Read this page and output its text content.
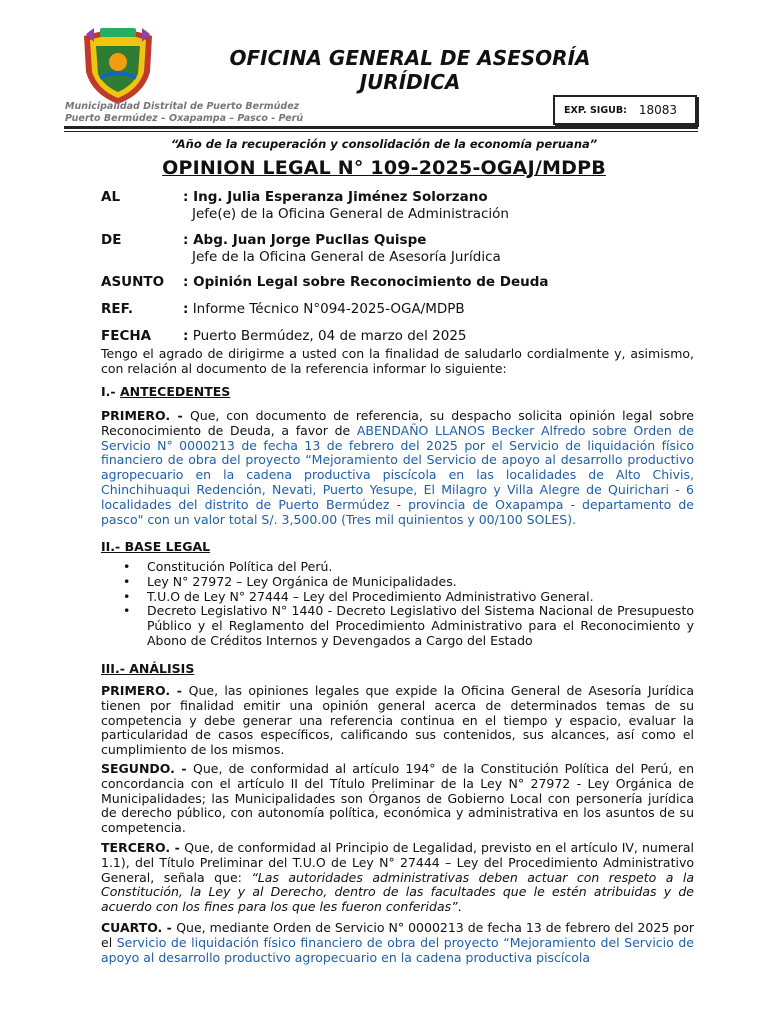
OFICINA GENERAL DE ASESORÍA
JURÍDICA
Municipalidad Distrital de Puerto Bermúdez
Puerto Bermúdez – Oxapampa – Pasco - Perú
EXP. SIGUB: 18083
“Año de la recuperación y consolidación de la economía peruana”
OPINION LEGAL N° 109-2025-OGAJ/MDPB
AL	: Ing. Julia Esperanza Jiménez Solorzano
Jefe(e) de la Oficina General de Administración
DE	: Abg. Juan Jorge Pucllas Quispe
Jefe de la Oficina General de Asesoría Jurídica
ASUNTO : Opinión Legal sobre Reconocimiento de Deuda
REF.	: Informe Técnico N°094-2025-OGA/MDPB
FECHA : Puerto Bermúdez, 04 de marzo del 2025
Tengo el agrado de dirigirme a usted con la finalidad de saludarlo cordialmente y, asimismo, con relación al documento de la referencia informar lo siguiente:
I.- ANTECEDENTES
PRIMERO. - Que, con documento de referencia, su despacho solicita opinión legal sobre Reconocimiento de Deuda, a favor de ABENDAÑO LLANOS Becker Alfredo sobre Orden de Servicio N° 0000213 de fecha 13 de febrero del 2025 por el Servicio de liquidación físico financiero de obra del proyecto “Mejoramiento del Servicio de apoyo al desarrollo productivo agropecuario en la cadena productiva piscícola en las localidades de Alto Chivis, Chinchihuaqui Redención, Nevati, Puerto Yesupe, El Milagro y Villa Alegre de Quirichari - 6 localidades del distrito de Puerto Bermúdez - provincia de Oxapampa - departamento de pasco" con un valor total S/. 3,500.00 (Tres mil quinientos y 00/100 SOLES).
II.- BASE LEGAL
• Constitución Política del Perú.
• Ley N° 27972 – Ley Orgánica de Municipalidades.
• T.U.O de Ley N° 27444 – Ley del Procedimiento Administrativo General.
• Decreto Legislativo N° 1440 - Decreto Legislativo del Sistema Nacional de Presupuesto Público y el Reglamento del Procedimiento Administrativo para el Reconocimiento y Abono de Créditos Internos y Devengados a Cargo del Estado
III.- ANÁLISIS
PRIMERO. - Que, las opiniones legales que expide la Oficina General de Asesoría Jurídica tienen por finalidad emitir una opinión general acerca de determinados temas de su competencia y debe generar una referencia continua en el tiempo y espacio, evaluar la particularidad de casos específicos, calificando sus contenidos, sus alcances, así como el cumplimiento de los mismos.
SEGUNDO. - Que, de conformidad al artículo 194° de la Constitución Política del Perú, en concordancia con el artículo II del Título Preliminar de la Ley N° 27972 - Ley Orgánica de Municipalidades; las Municipalidades son Órganos de Gobierno Local con personería jurídica de derecho público, con autonomía política, económica y administrativa en los asuntos de su competencia.
TERCERO. - Que, de conformidad al Principio de Legalidad, previsto en el artículo IV, numeral 1.1), del Título Preliminar del T.U.O de Ley N° 27444 – Ley del Procedimiento Administrativo General, señala que: “Las autoridades administrativas deben actuar con respeto a la Constitución, la Ley y al Derecho, dentro de las facultades que le estén atribuidas y de acuerdo con los fines para los que les fueron conferidas”.
CUARTO. - Que, mediante Orden de Servicio N° 0000213 de fecha 13 de febrero del 2025 por el Servicio de liquidación físico financiero de obra del proyecto “Mejoramiento del Servicio de apoyo al desarrollo productivo agropecuario en la cadena productiva piscícola
